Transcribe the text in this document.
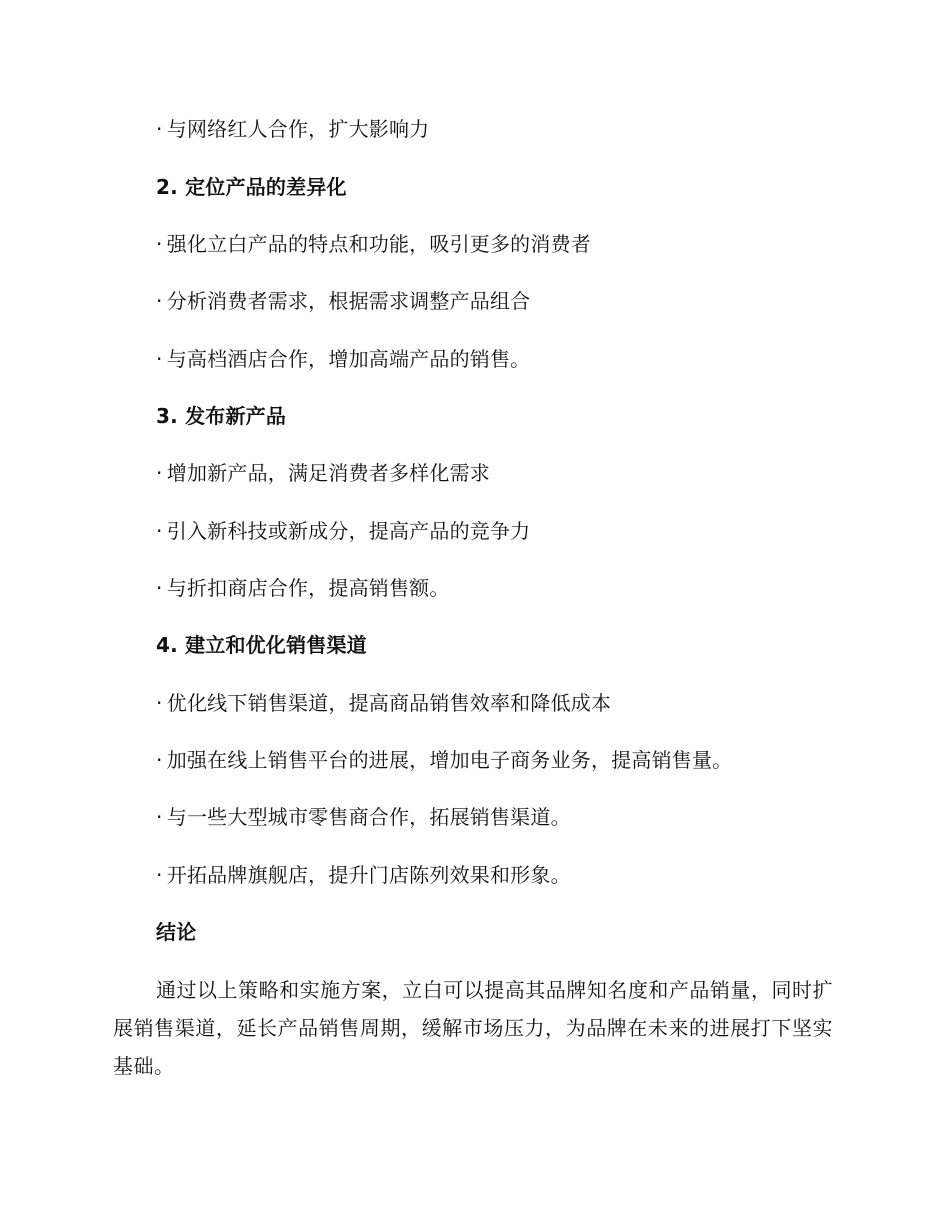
· 与网络红人合作，扩大影响力
2. 定位产品的差异化
· 强化立白产品的特点和功能，吸引更多的消费者
· 分析消费者需求，根据需求调整产品组合
· 与高档酒店合作，增加高端产品的销售。
3. 发布新产品
· 增加新产品，满足消费者多样化需求
· 引入新科技或新成分，提高产品的竞争力
· 与折扣商店合作，提高销售额。
4. 建立和优化销售渠道
· 优化线下销售渠道，提高商品销售效率和降低成本
· 加强在线上销售平台的进展，增加电子商务业务，提高销售量。
· 与一些大型城市零售商合作，拓展销售渠道。
· 开拓品牌旗舰店，提升门店陈列效果和形象。
结论
通过以上策略和实施方案，立白可以提高其品牌知名度和产品销量，同时扩展销售渠道，延长产品销售周期，缓解市场压力，为品牌在未来的进展打下坚实基础。
